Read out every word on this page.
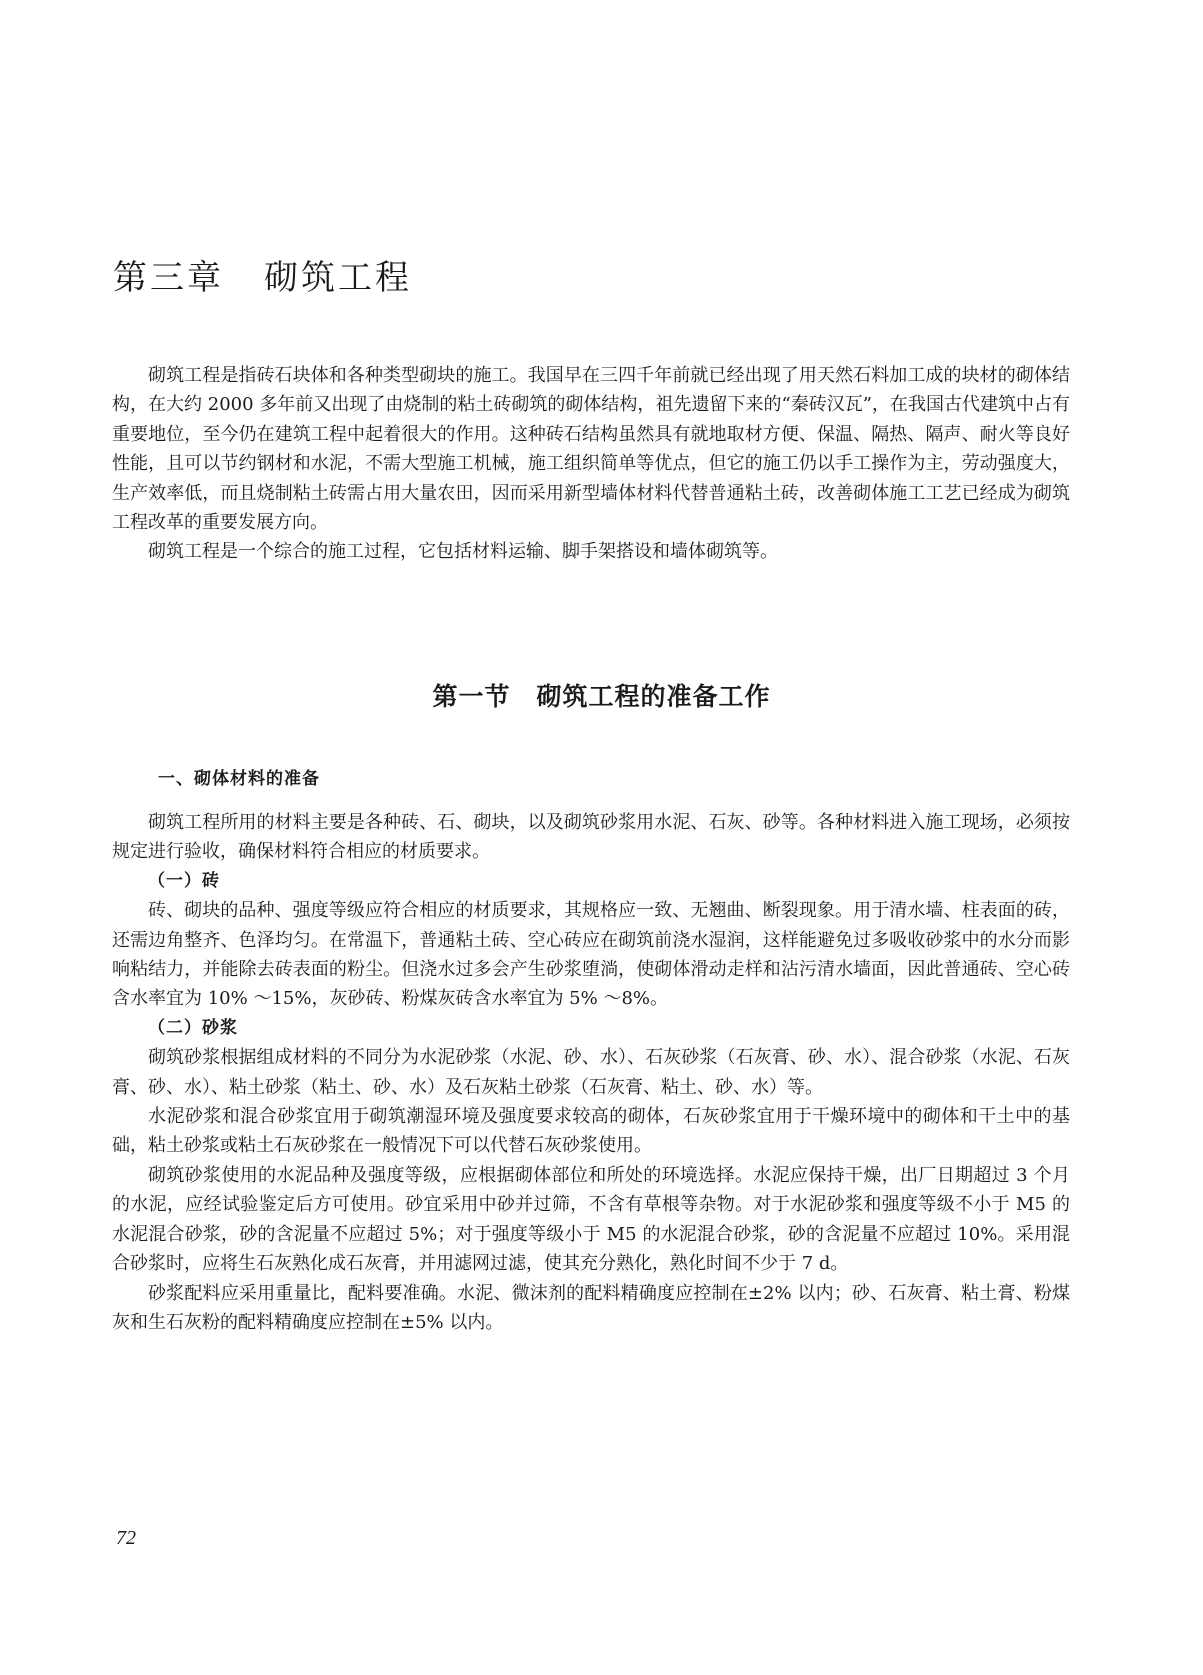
第三章 砌筑工程

砌筑工程是指砖石块体和各种类型砌块的施工。我国早在三四千年前就已经出现了用天然石料加工成的块材的砌体结构，在大约 2000 多年前又出现了由烧制的粘土砖砌筑的砌体结构，祖先遗留下来的“秦砖汉瓦”，在我国古代建筑中占有重要地位，至今仍在建筑工程中起着很大的作用。这种砖石结构虽然具有就地取材方便、保温、隔热、隔声、耐火等良好性能，且可以节约钢材和水泥，不需大型施工机械，施工组织简单等优点，但它的施工仍以手工操作为主，劳动强度大，生产效率低，而且烧制粘土砖需占用大量农田，因而采用新型墙体材料代替普通粘土砖，改善砌体施工工艺已经成为砌筑工程改革的重要发展方向。

砌筑工程是一个综合的施工过程，它包括材料运输、脚手架搭设和墙体砌筑等。

第一节 砌筑工程的准备工作
一、砌体材料的准备

砌筑工程所用的材料主要是各种砖、石、砌块，以及砌筑砂浆用水泥、石灰、砂等。各种材料进入施工现场，必须按规定进行验收，确保材料符合相应的材质要求。

（一）砖

砖、砌块的品种、强度等级应符合相应的材质要求，其规格应一致、无翘曲、断裂现象。用于清水墙、柱表面的砖，还需边角整齐、色泽均匀。在常温下，普通粘土砖、空心砖应在砌筑前浇水湿润，这样能避免过多吸收砂浆中的水分而影响粘结力，并能除去砖表面的粉尘。但浇水过多会产生砂浆堕淌，使砌体滑动走样和沾污清水墙面，因此普通砖、空心砖含水率宜为 10% ～15%，灰砂砖、粉煤灰砖含水率宜为 5% ～8%。

（二）砂浆

砌筑砂浆根据组成材料的不同分为水泥砂浆（水泥、砂、水）、石灰砂浆（石灰膏、砂、水）、混合砂浆（水泥、石灰膏、砂、水）、粘土砂浆（粘土、砂、水）及石灰粘土砂浆（石灰膏、粘土、砂、水）等。

水泥砂浆和混合砂浆宜用于砌筑潮湿环境及强度要求较高的砌体，石灰砂浆宜用于干燥环境中的砌体和干土中的基础，粘土砂浆或粘土石灰砂浆在一般情况下可以代替石灰砂浆使用。

砌筑砂浆使用的水泥品种及强度等级，应根据砌体部位和所处的环境选择。水泥应保持干燥，出厂日期超过 3 个月的水泥，应经试验鉴定后方可使用。砂宜采用中砂并过筛，不含有草根等杂物。对于水泥砂浆和强度等级不小于 M5 的水泥混合砂浆，砂的含泥量不应超过 5%；对于强度等级小于 M5 的水泥混合砂浆，砂的含泥量不应超过 10%。采用混合砂浆时，应将生石灰熟化成石灰膏，并用滤网过滤，使其充分熟化，熟化时间不少于 7 d。

砂浆配料应采用重量比，配料要准确。水泥、微沫剂的配料精确度应控制在±2% 以内；砂、石灰膏、粘土膏、粉煤灰和生石灰粉的配料精确度应控制在±5% 以内。

72
